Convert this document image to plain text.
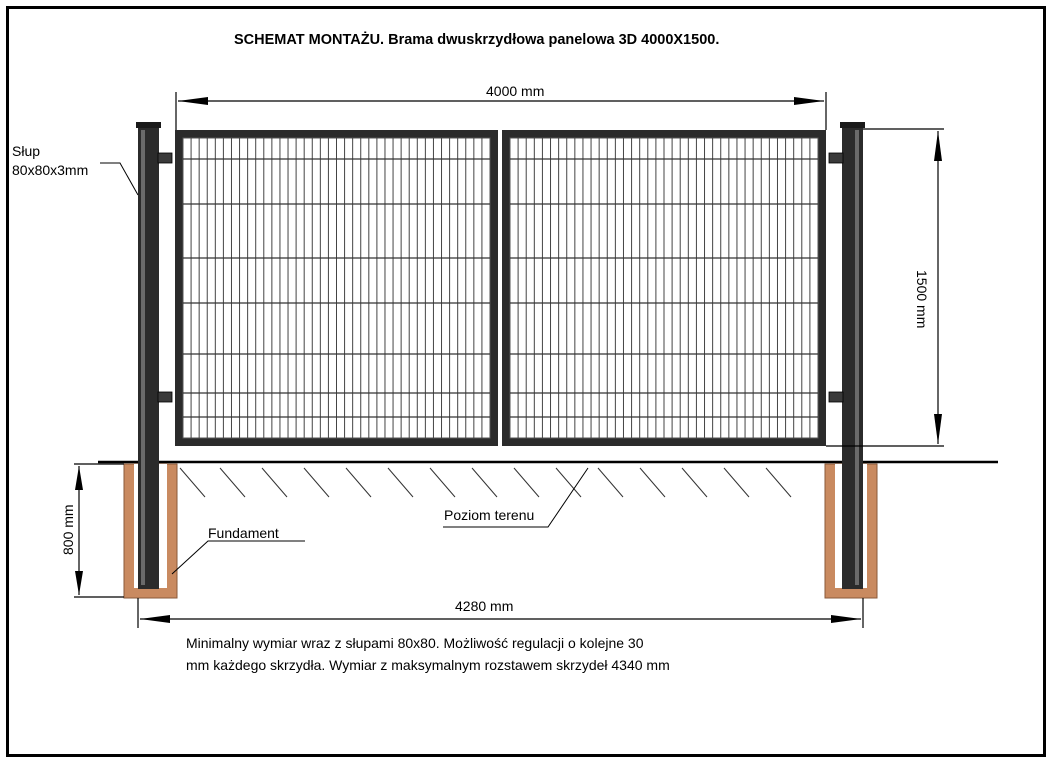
SCHEMAT MONTAŻU. Brama dwuskrzydłowa panelowa 3D 4000X1500.
4000 mm
4280 mm
1500 mm
800 mm
Słup
80x80x3mm
Fundament
Poziom terenu
Minimalny wymiar wraz z słupami 80x80. Możliwość regulacji o kolejne 30
mm każdego skrzydła. Wymiar z maksymalnym rozstawem skrzydeł 4340 mm
